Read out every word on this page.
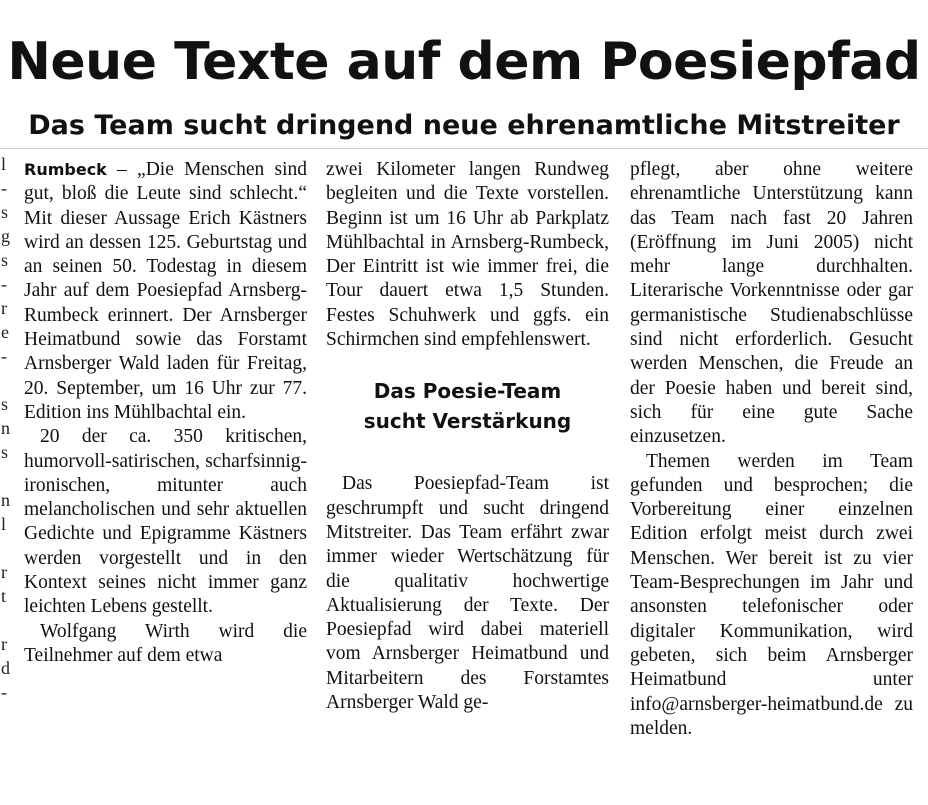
Neue Texte auf dem Poesiepfad
Das Team sucht dringend neue ehrenamtliche Mitstreiter
l
-
s
g
s
-
r
e
-
s
n
s
n
l
r
t
r
d
-

Rumbeck – „Die Menschen sind gut, bloß die Leute sind schlecht.“ Mit dieser Aussage Erich Kästners wird an dessen 125. Geburtstag und an seinen 50. Todestag in diesem Jahr auf dem Poesiepfad Arnsberg-Rumbeck erinnert. Der Arnsberger Heimatbund sowie das Forstamt Arnsberger Wald laden für Freitag, 20. September, um 16 Uhr zur 77. Edition ins Mühlbachtal ein.

20 der ca. 350 kritischen, humorvoll-satirischen, scharfsinnig-ironischen, mitunter auch melancholischen und sehr aktuellen Gedichte und Epigramme Kästners werden vorgestellt und in den Kontext seines nicht immer ganz leichten Lebens gestellt.

Wolfgang Wirth wird die Teilnehmer auf dem etwa

zwei Kilometer langen Rundweg begleiten und die Texte vorstellen. Beginn ist um 16 Uhr ab Parkplatz Mühlbachtal in Arnsberg-Rumbeck, Der Eintritt ist wie immer frei, die Tour dauert etwa 1,5 Stunden. Festes Schuhwerk und ggfs. ein Schirmchen sind empfehlenswert.

Das Poesie-Team
sucht Verstärkung

Das Poesiepfad-Team ist geschrumpft und sucht dringend Mitstreiter. Das Team erfährt zwar immer wieder Wertschätzung für die qualitativ hochwertige Aktualisierung der Texte. Der Poesiepfad wird dabei materiell vom Arnsberger Heimatbund und Mitarbeitern des Forstamtes Arnsberger Wald ge-

pflegt, aber ohne weitere ehrenamtliche Unterstützung kann das Team nach fast 20 Jahren (Eröffnung im Juni 2005) nicht mehr lange durchhalten. Literarische Vorkenntnisse oder gar germanistische Studienabschlüsse sind nicht erforderlich. Gesucht werden Menschen, die Freude an der Poesie haben und bereit sind, sich für eine gute Sache einzusetzen.

Themen werden im Team gefunden und besprochen; die Vorbereitung einer einzelnen Edition erfolgt meist durch zwei Menschen. Wer bereit ist zu vier Team-Besprechungen im Jahr und ansonsten telefonischer oder digitaler Kommunikation, wird gebeten, sich beim Arnsberger Heimatbund unter info@arnsberger-heimatbund.de zu melden.
